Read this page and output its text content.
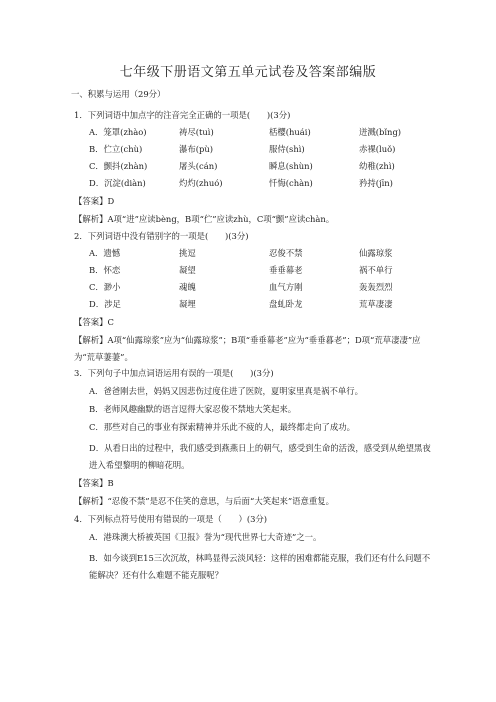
七年级下册语文第五单元试卷及答案部编版
一、积累与运用（29分）
1．下列词语中加点字的注音完全正确的一项是(　　)(3分)
A．笼罩(zhào)	祷尽(tuì)	栝樱(huái)	迸溅(bǐng)
B．伫立(chù)	瀑布(pù)	服侍(shì)	赤裸(luǒ)
C．颤抖(zhàn)	屠头(cán)	瞬息(shùn)	幼稚(zhì)
D．沉淀(diàn)	灼灼(zhuó)	忏悔(chàn)	矜持(jīn)
【答案】D
【解析】A项“进”应读bèng，B项“伫”应读zhù，C项“颤”应读chàn。
2．下列词语中没有错别字的一项是(　　)(3分)
A．遗憾	挑逗	忍俊不禁	仙露琼浆
B．怀恋	凝望	垂垂幕老	祸不单行
C．渺小	魂魄	血气方刚	轰轰烈烈
D．涉足	凝埋	盘虬卧龙	荒草凄凄
【答案】C
【解析】A项“仙露琼浆”应为“仙露琼浆”；B项“垂垂幕老”应为“垂垂暮老”；D项“荒草凄凄”应为“荒草萋萋”。
3．下列句子中加点词语运用有误的一项是(　　)(3分)
A．爸爸刚去世，妈妈又因悲伤过度住进了医院，夏明家里真是祸不单行。
B．老师风趣幽默的语言逗得大家忍俊不禁地大笑起来。
C．那些对自己的事业有探索精神并乐此不疲的人，最终都走向了成功。
D．从看日出的过程中，我们感受到燕燕日上的朝气，感受到生命的活泼，感受到从绝望黑夜进入希望黎明的柳暗花明。
【答案】B
【解析】“忍俊不禁”是忍不住笑的意思，与后面“大笑起来”语意重复。
4．下列标点符号使用有错误的一项是（　　）(3分)
A．港珠澳大桥被英国《卫报》誉为“现代世界七大奇迹”之一。
B．如今谈到E15三次沉故，林鸣显得云淡风轻：这样的困难都能克服，我们还有什么问题不能解决？还有什么难题不能克服呢？
